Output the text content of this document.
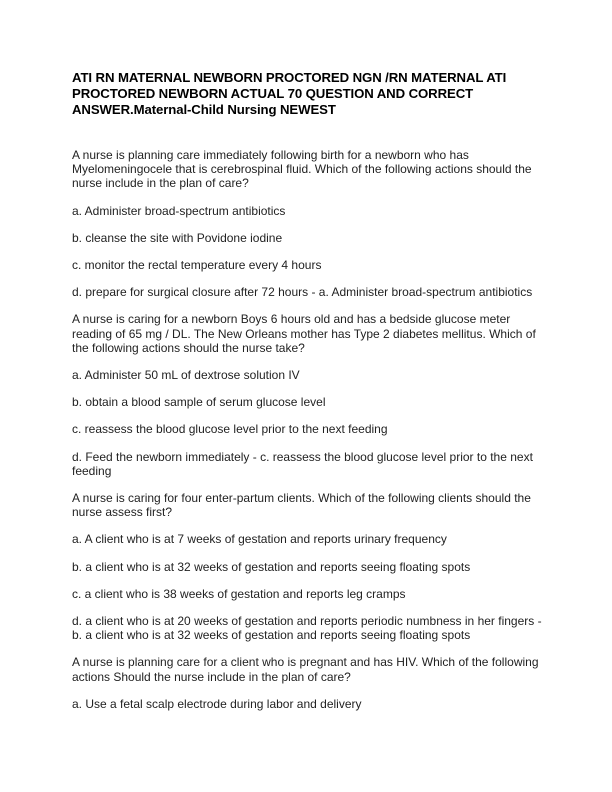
ATI RN MATERNAL NEWBORN PROCTORED NGN /RN MATERNAL ATI PROCTORED NEWBORN ACTUAL 70 QUESTION AND CORRECT ANSWER.Maternal-Child Nursing NEWEST
A nurse is planning care immediately following birth for a newborn who has Myelomeningocele that is cerebrospinal fluid. Which of the following actions should the nurse include in the plan of care?
a. Administer broad-spectrum antibiotics
b. cleanse the site with Povidone iodine
c. monitor the rectal temperature every 4 hours
d. prepare for surgical closure after 72 hours - a. Administer broad-spectrum antibiotics
A nurse is caring for a newborn Boys 6 hours old and has a bedside glucose meter reading of 65 mg / DL. The New Orleans mother has Type 2 diabetes mellitus. Which of the following actions should the nurse take?
a. Administer 50 mL of dextrose solution IV
b. obtain a blood sample of serum glucose level
c. reassess the blood glucose level prior to the next feeding
d. Feed the newborn immediately - c. reassess the blood glucose level prior to the next feeding
A nurse is caring for four enter-partum clients. Which of the following clients should the nurse assess first?
a. A client who is at 7 weeks of gestation and reports urinary frequency
b. a client who is at 32 weeks of gestation and reports seeing floating spots
c. a client who is 38 weeks of gestation and reports leg cramps
d. a client who is at 20 weeks of gestation and reports periodic numbness in her fingers - b. a client who is at 32 weeks of gestation and reports seeing floating spots
A nurse is planning care for a client who is pregnant and has HIV. Which of the following actions Should the nurse include in the plan of care?
a. Use a fetal scalp electrode during labor and delivery
